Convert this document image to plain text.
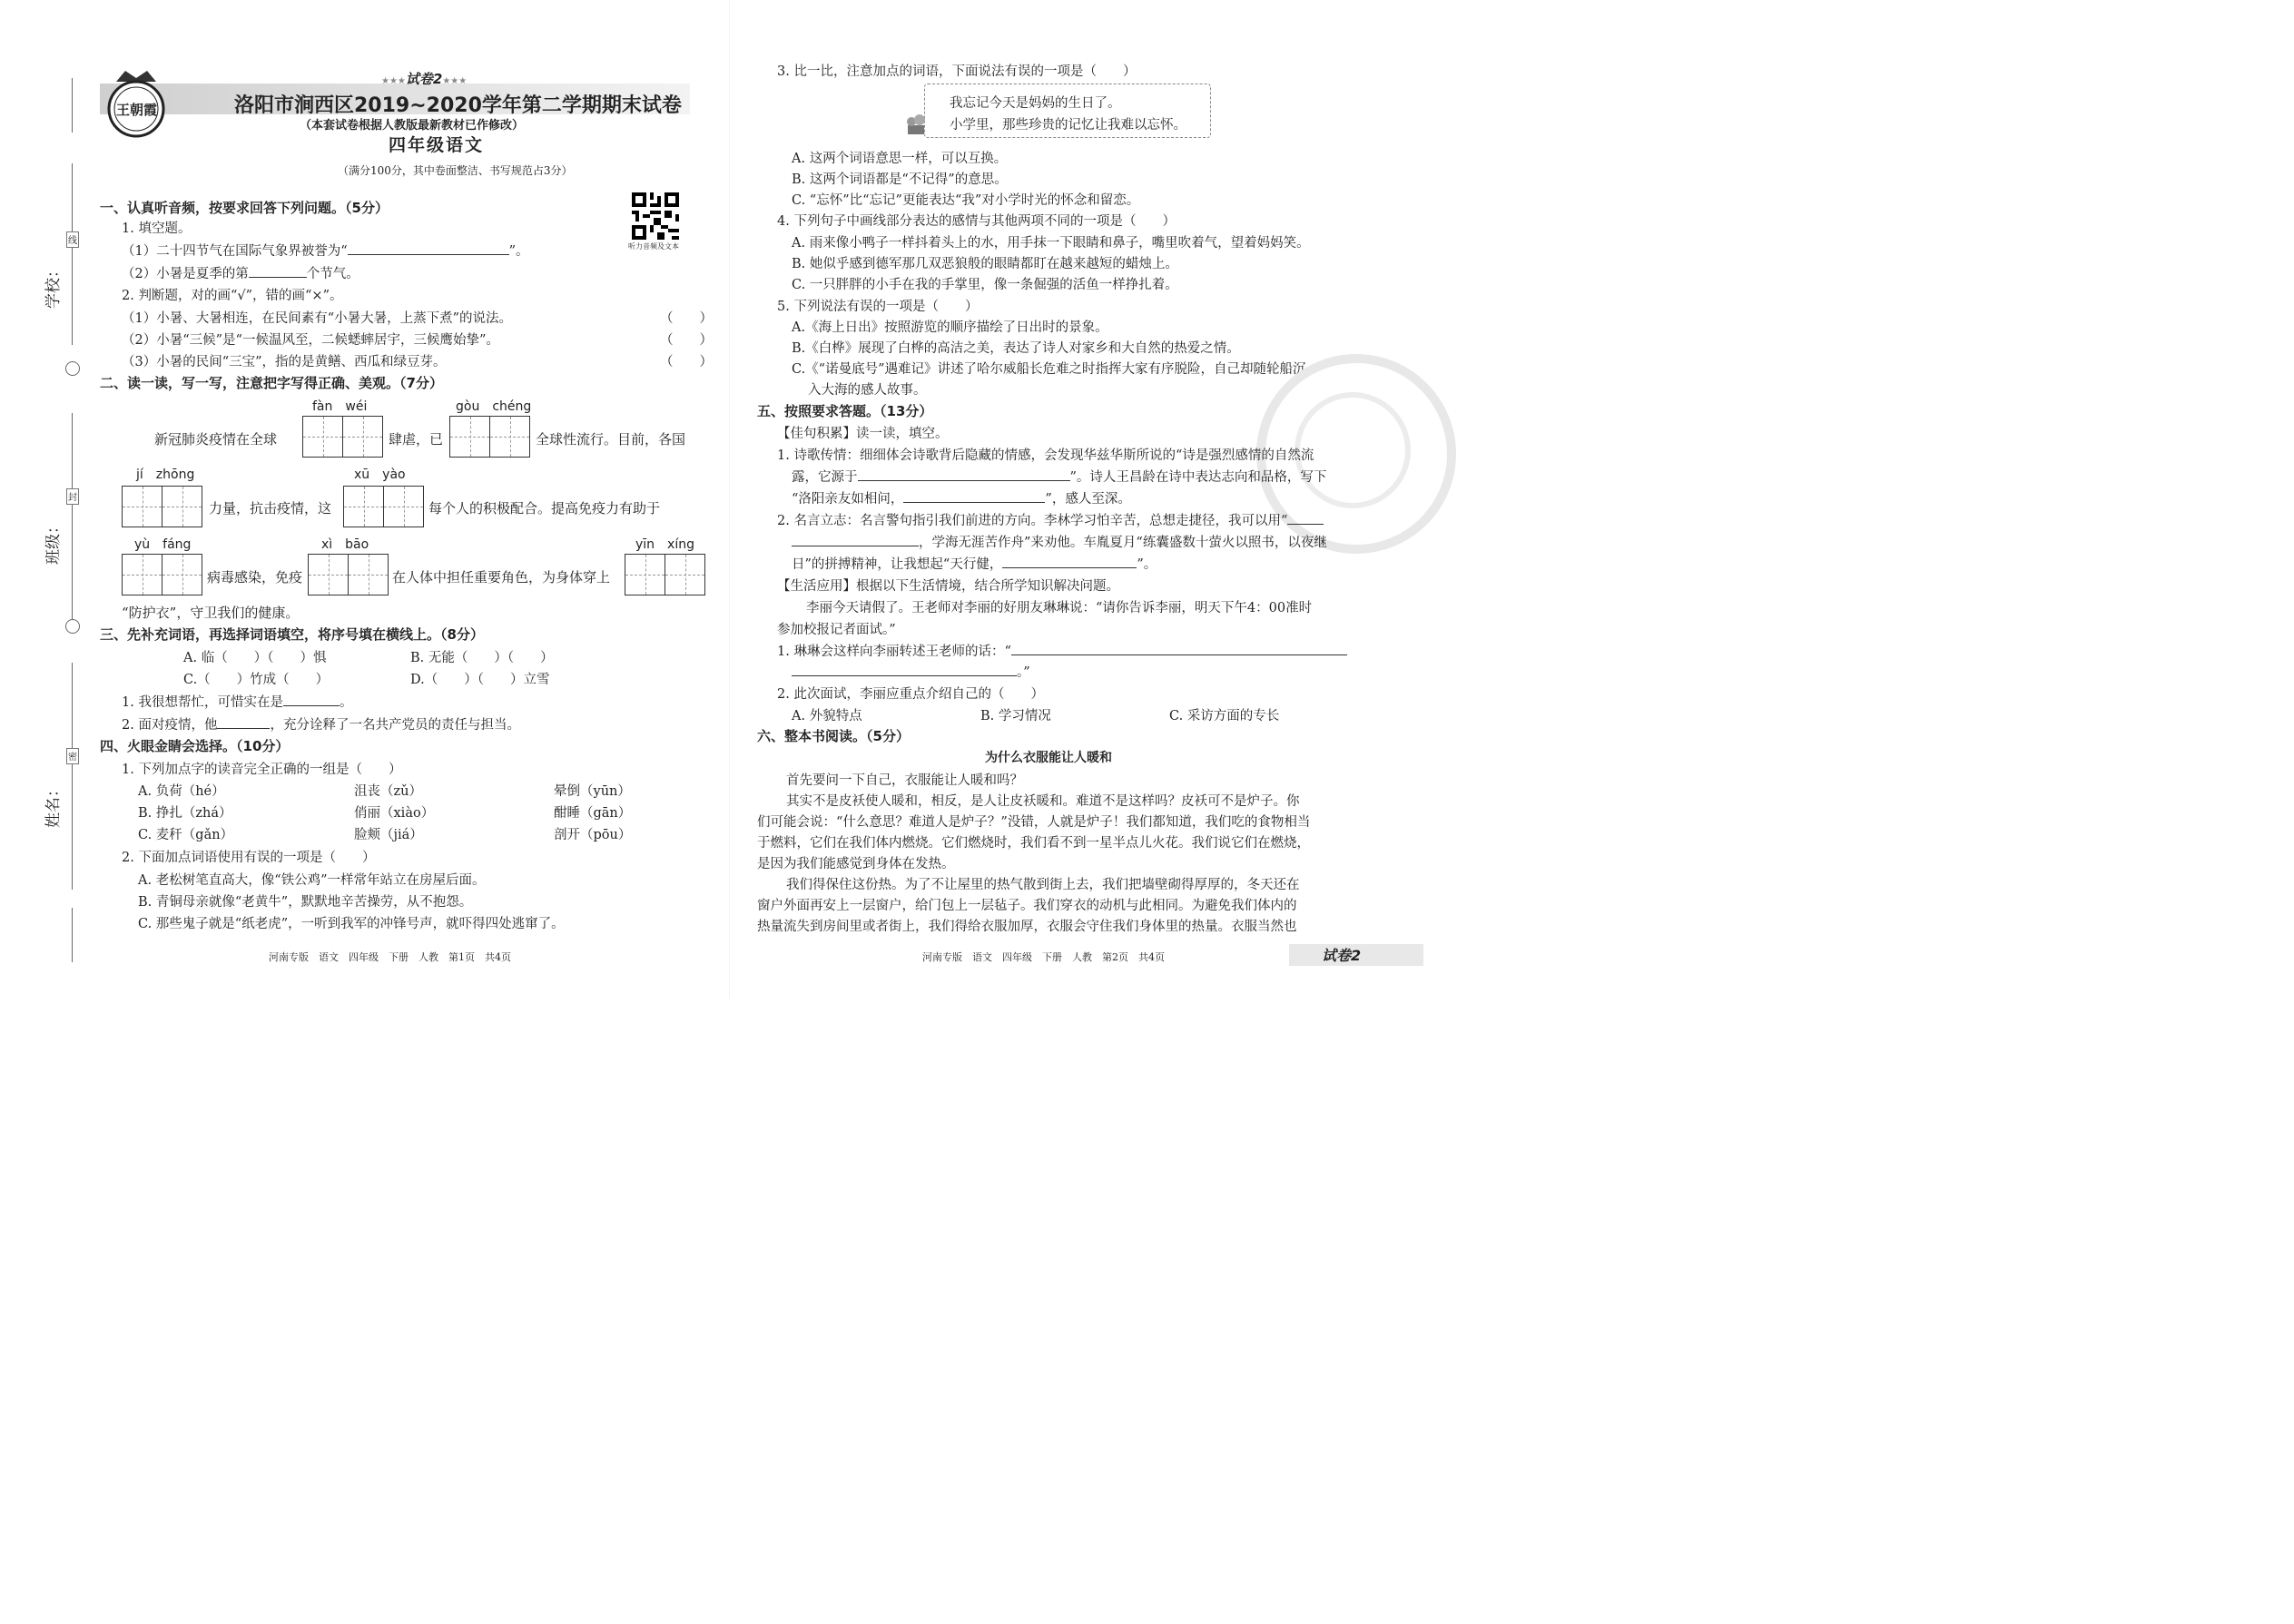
线
学校：
封
班级：
密
姓名：
王朝霞
★★★试卷2★★★
洛阳市涧西区2019~2020学年第二学期期末试卷
（本套试卷根据人教版最新教材已作修改）
四年级语文
（满分100分，其中卷面整洁、书写规范占3分）
听力音频及文本
一、认真听音频，按要求回答下列问题。（5分）
1. 填空题。
（1）二十四节气在国际气象界被誉为“	”。
（2）小暑是夏季的第	个节气。
2. 判断题，对的画“√”，错的画“×”。
（1）小暑、大暑相连，在民间素有“小暑大暑，上蒸下煮”的说法。	（　　）
（2）小暑“三候”是“一候温风至，二候蟋蟀居宇，三候鹰始挚”。	（　　）
（3）小暑的民间“三宝”，指的是黄鳝、西瓜和绿豆芽。	（　　）
二、读一读，写一写，注意把字写得正确、美观。（7分）
fàn　wéi	gòu　chéng
新冠肺炎疫情在全球	肆虐，已	全球性流行。目前，各国
jí　zhōng	xū　yào
力量，抗击疫情，这	每个人的积极配合。提高免疫力有助于
yù　fáng	xì　bāo	yīn　xíng
病毒感染，免疫	在人体中担任重要角色，为身体穿上
“防护衣”，守卫我们的健康。
三、先补充词语，再选择词语填空，将序号填在横线上。（8分）
A. 临（　　）（　　）惧	B. 无能（　　）（　　）
C.（　　）竹成（　　）	D.（　　）（　　）立雪
1. 我很想帮忙，可惜实在是	。
2. 面对疫情，他	，充分诠释了一名共产党员的责任与担当。
四、火眼金睛会选择。（10分）
1. 下列加点字的读音完全正确的一组是（　　）
A. 负荷（hé）	沮丧（zǔ）	晕倒（yūn）
B. 挣扎（zhá）	俏丽（xiào）	酣睡（gān）
C. 麦秆（gǎn）	脸颊（jiá）	剖开（pōu）
2. 下面加点词语使用有误的一项是（　　）
A. 老松树笔直高大，像“铁公鸡”一样常年站立在房屋后面。
B. 青铜母亲就像“老黄牛”，默默地辛苦操劳，从不抱怨。
C. 那些鬼子就是“纸老虎”，一听到我军的冲锋号声，就吓得四处逃窜了。
河南专版　语文　四年级　下册　人教　第1页　共4页
3. 比一比，注意加点的词语，下面说法有误的一项是（　　）
我忘记今天是妈妈的生日了。
小学里，那些珍贵的记忆让我难以忘怀。
A. 这两个词语意思一样，可以互换。
B. 这两个词语都是“不记得”的意思。
C. “忘怀”比“忘记”更能表达“我”对小学时光的怀念和留恋。
4. 下列句子中画线部分表达的感情与其他两项不同的一项是（　　）
A. 雨来像小鸭子一样抖着头上的水，用手抹一下眼睛和鼻子，嘴里吹着气，望着妈妈笑。
B. 她似乎感到德军那几双恶狼般的眼睛都盯在越来越短的蜡烛上。
C. 一只胖胖的小手在我的手掌里，像一条倔强的活鱼一样挣扎着。
5. 下列说法有误的一项是（　　）
A.《海上日出》按照游览的顺序描绘了日出时的景象。
B.《白桦》展现了白桦的高洁之美，表达了诗人对家乡和大自然的热爱之情。
C.《“诺曼底号”遇难记》讲述了哈尔威船长危难之时指挥大家有序脱险，自己却随轮船沉
入大海的感人故事。
五、按照要求答题。（13分）
【佳句积累】读一读，填空。
1. 诗歌传情：细细体会诗歌背后隐藏的情感，会发现华兹华斯所说的“诗是强烈感情的自然流
露，它源于	”。诗人王昌龄在诗中表达志向和品格，写下
“洛阳亲友如相问，	”，感人至深。
2. 名言立志：名言警句指引我们前进的方向。李林学习怕辛苦，总想走捷径，我可以用“
，学海无涯苦作舟”来劝他。车胤夏月“练囊盛数十萤火以照书，以夜继
日”的拼搏精神，让我想起“天行健，	”。
【生活应用】根据以下生活情境，结合所学知识解决问题。
李丽今天请假了。王老师对李丽的好朋友琳琳说：“请你告诉李丽，明天下午4：00准时
参加校报记者面试。”
1. 琳琳会这样向李丽转述王老师的话：“
。”
2. 此次面试，李丽应重点介绍自己的（　　）
A. 外貌特点	B. 学习情况	C. 采访方面的专长
六、整本书阅读。（5分）
为什么衣服能让人暖和
首先要问一下自己，衣服能让人暖和吗？
其实不是皮袄使人暖和，相反，是人让皮袄暖和。难道不是这样吗？皮袄可不是炉子。你
们可能会说：“什么意思？难道人是炉子？”没错，人就是炉子！我们都知道，我们吃的食物相当
于燃料，它们在我们体内燃烧。它们燃烧时，我们看不到一星半点儿火花。我们说它们在燃烧，
是因为我们能感觉到身体在发热。
我们得保住这份热。为了不让屋里的热气散到街上去，我们把墙壁砌得厚厚的，冬天还在
窗户外面再安上一层窗户，给门包上一层毡子。我们穿衣的动机与此相同。为避免我们体内的
热量流失到房间里或者街上，我们得给衣服加厚，衣服会守住我们身体里的热量。衣服当然也
河南专版　语文　四年级　下册　人教　第2页　共4页	试卷2
